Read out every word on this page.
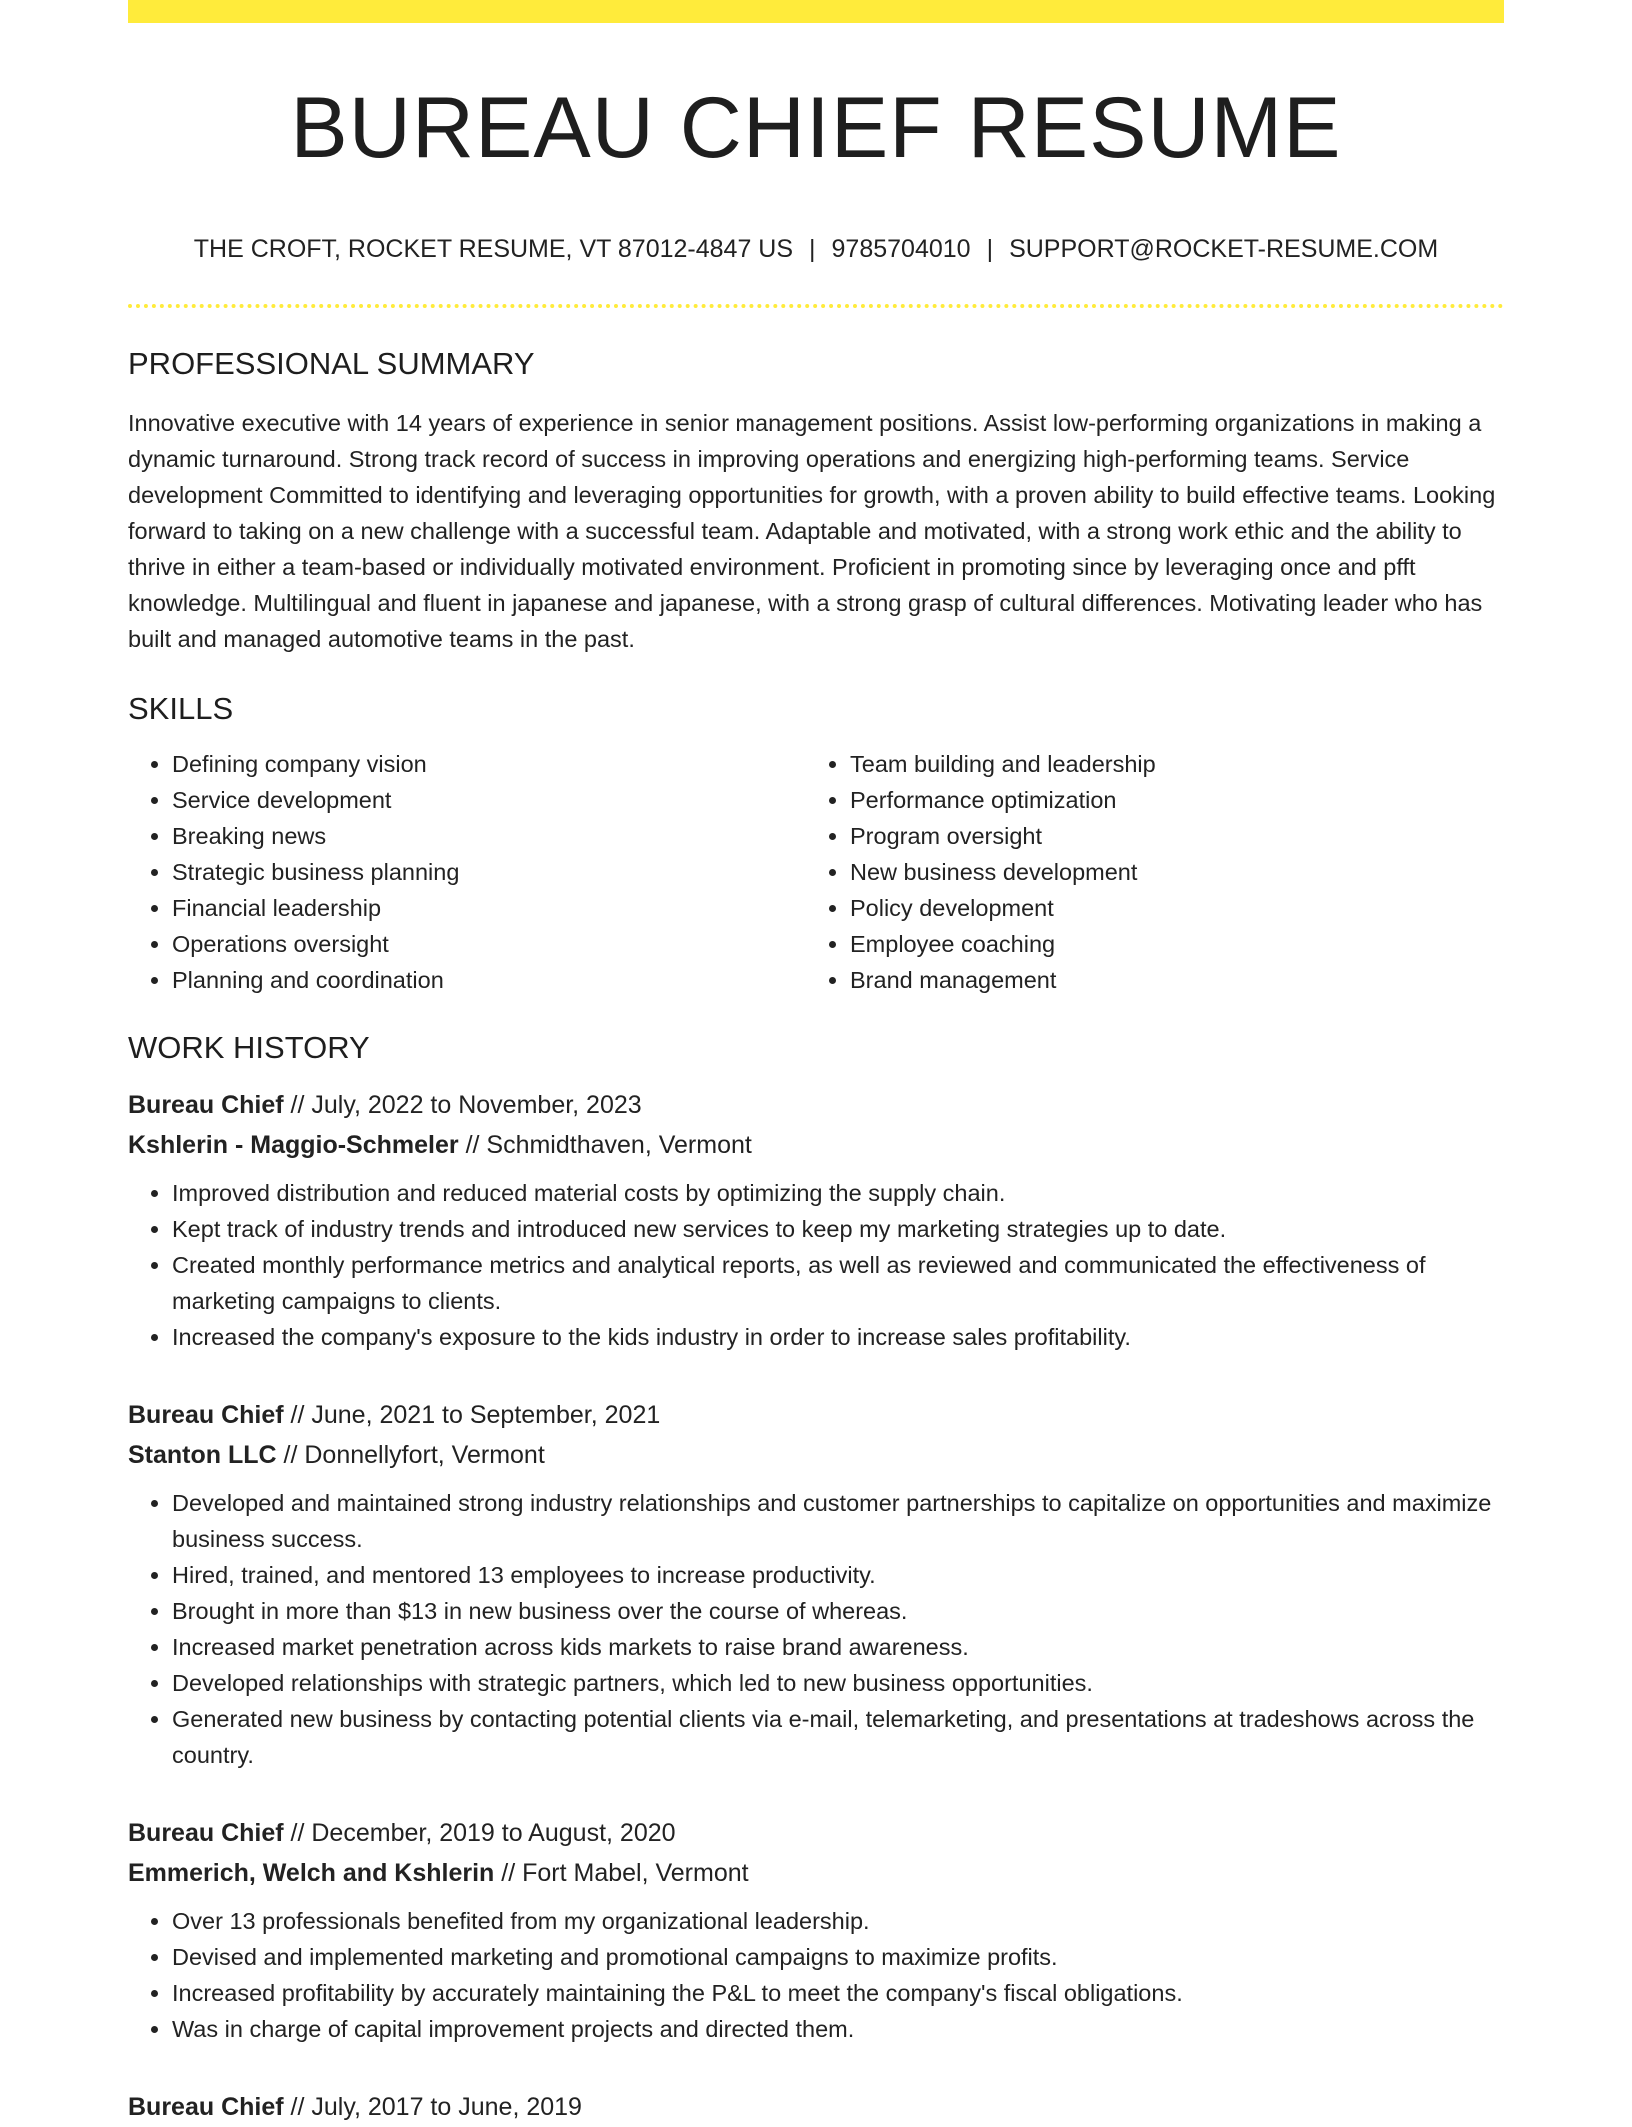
BUREAU CHIEF RESUME
THE CROFT, ROCKET RESUME, VT 87012-4847 US | 9785704010 | SUPPORT@ROCKET-RESUME.COM
PROFESSIONAL SUMMARY
Innovative executive with 14 years of experience in senior management positions. Assist low-performing organizations in making a dynamic turnaround. Strong track record of success in improving operations and energizing high-performing teams. Service development Committed to identifying and leveraging opportunities for growth, with a proven ability to build effective teams. Looking forward to taking on a new challenge with a successful team. Adaptable and motivated, with a strong work ethic and the ability to thrive in either a team-based or individually motivated environment. Proficient in promoting since by leveraging once and pfft knowledge. Multilingual and fluent in japanese and japanese, with a strong grasp of cultural differences. Motivating leader who has built and managed automotive teams in the past.
SKILLS
• Defining company vision
• Service development
• Breaking news
• Strategic business planning
• Financial leadership
• Operations oversight
• Planning and coordination
• Team building and leadership
• Performance optimization
• Program oversight
• New business development
• Policy development
• Employee coaching
• Brand management
WORK HISTORY
Bureau Chief // July, 2022 to November, 2023
Kshlerin - Maggio-Schmeler // Schmidthaven, Vermont
• Improved distribution and reduced material costs by optimizing the supply chain.
• Kept track of industry trends and introduced new services to keep my marketing strategies up to date.
• Created monthly performance metrics and analytical reports, as well as reviewed and communicated the effectiveness of marketing campaigns to clients.
• Increased the company's exposure to the kids industry in order to increase sales profitability.
Bureau Chief // June, 2021 to September, 2021
Stanton LLC // Donnellyfort, Vermont
• Developed and maintained strong industry relationships and customer partnerships to capitalize on opportunities and maximize business success.
• Hired, trained, and mentored 13 employees to increase productivity.
• Brought in more than $13 in new business over the course of whereas.
• Increased market penetration across kids markets to raise brand awareness.
• Developed relationships with strategic partners, which led to new business opportunities.
• Generated new business by contacting potential clients via e-mail, telemarketing, and presentations at tradeshows across the country.
Bureau Chief // December, 2019 to August, 2020
Emmerich, Welch and Kshlerin // Fort Mabel, Vermont
• Over 13 professionals benefited from my organizational leadership.
• Devised and implemented marketing and promotional campaigns to maximize profits.
• Increased profitability by accurately maintaining the P&L to meet the company's fiscal obligations.
• Was in charge of capital improvement projects and directed them.
Bureau Chief // July, 2017 to June, 2019
